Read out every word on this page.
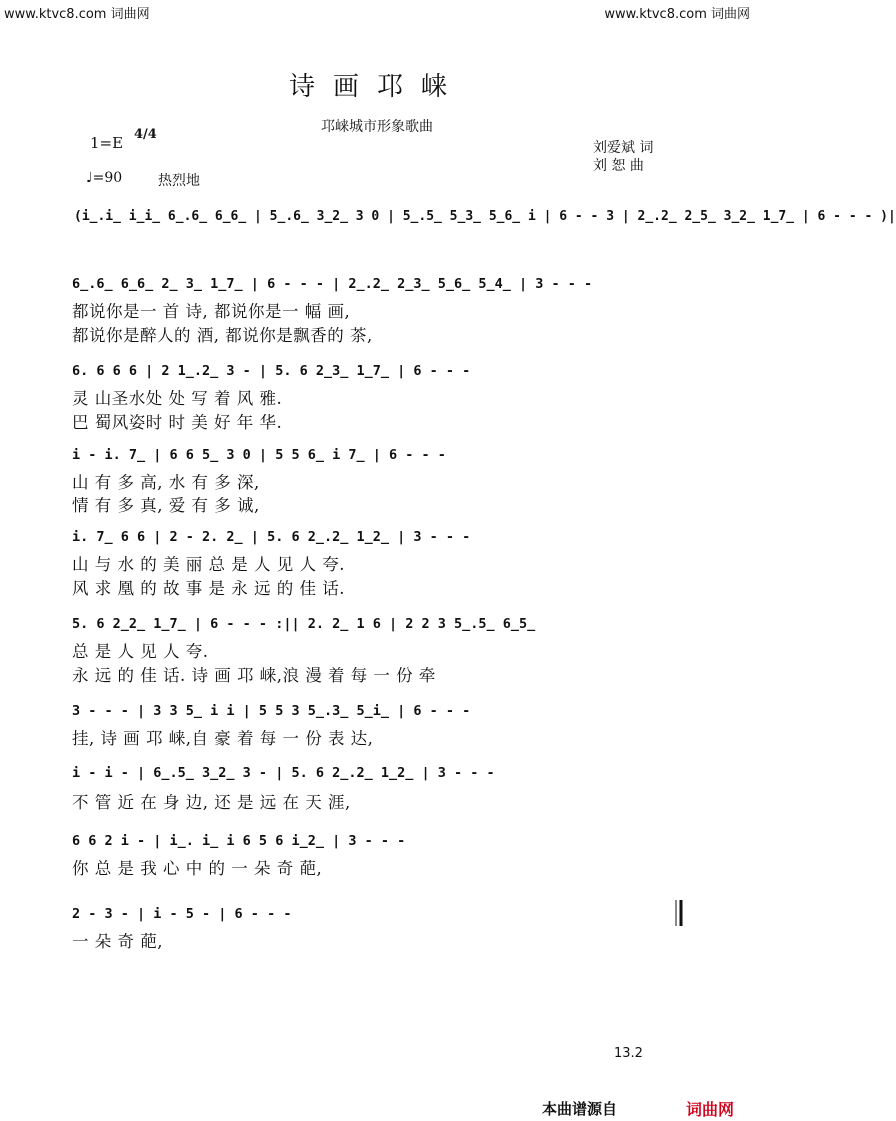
www.ktvc8.com 词曲网	www.ktvc8.com 词曲网
诗画邛崃
邛崃城市形象歌曲
1=E 4/4
♩=90	热烈地
刘爱斌 词
刘 恕 曲
(i̲.i̲ i̲i̲ 6̲.6̲ 6̲6̲ | 5̲.6̲ 3̲2̲ 3 0 | 5̲.5̲ 5̲3̲ 5̲6̲ i | 6 - - 3 | 2̲.2̲ 2̲5̲ 3̲2̲ 1̲7̲ | 6 - - - )|
6̲.6̲ 6̲6̲ 2̲ 3̲ 1̲7̲ | 6 - - - | 2̲.2̲ 2̲3̲ 5̲6̲ 5̲4̲ | 3 - - -
都说你是一 首 诗, 都说你是一 幅 画,
都说你是醉人的 酒, 都说你是飘香的 茶,
6. 6 6 6 | 2 1̲.2̲ 3 - | 5. 6 2̲3̲ 1̲7̲ | 6 - - -
灵 山圣水处 处 写 着 风 雅.
巴 蜀风姿时 时 美 好 年 华.
i - i. 7̲ | 6 6 5̲ 3 0 | 5 5 6̲ i 7̲ | 6 - - -
山 有 多 高, 水 有 多 深,
情 有 多 真, 爱 有 多 诚,
i. 7̲ 6 6 | 2 - 2. 2̲ | 5. 6 2̲.2̲ 1̲2̲ | 3 - - -
山 与 水 的 美 丽 总 是 人 见 人 夸.
风 求 凰 的 故 事 是 永 远 的 佳 话.
5. 6 2̲2̲ 1̲7̲ | 6 - - - :|| 2. 2̲ 1 6 | 2 2 3 5̲.5̲ 6̲5̲
总 是 人 见 人 夸.
永 远 的 佳 话. 诗 画 邛 崃,浪 漫 着 每 一 份 牵
3 - - - | 3 3 5̲ i i | 5 5 3 5̲.3̲ 5̲i̲ | 6 - - -
挂, 诗 画 邛 崃,自 豪 着 每 一 份 表 达,
i - i - | 6̲.5̲ 3̲2̲ 3 - | 5. 6 2̲.2̲ 1̲2̲ | 3 - - -
不 管 近 在 身 边, 还 是 远 在 天 涯,
6 6 2 i - | i̲. i̲ i 6 5 6 i̲2̲ | 3 - - -
你 总 是 我 心 中 的 一 朵 奇 葩,
2 - 3 - | i - 5 - | 6 - - -
一 朵 奇 葩,
13.2
本曲谱源自	词曲网
